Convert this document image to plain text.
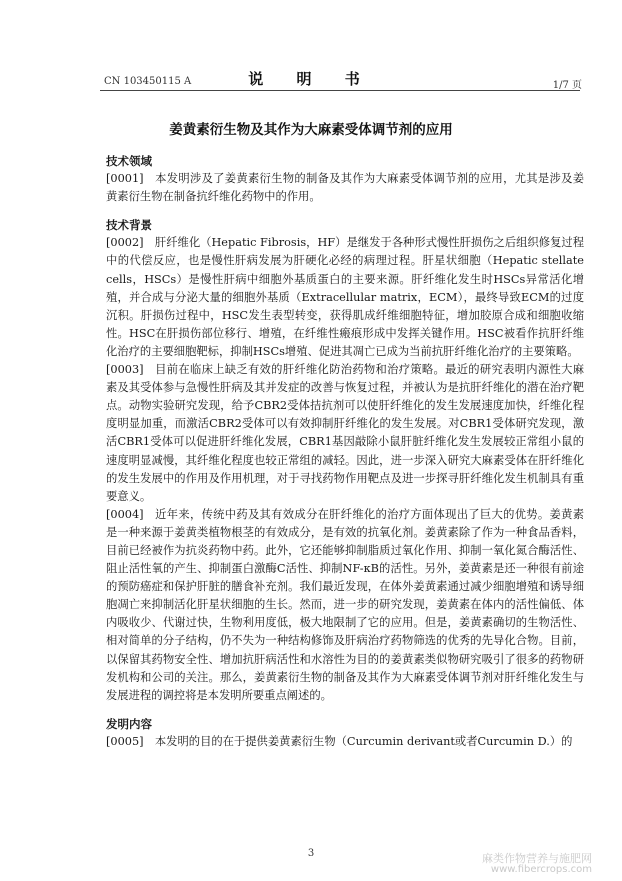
CN 103450115 A	说 明 书	1/7 页
姜黄素衍生物及其作为大麻素受体调节剂的应用
技术领域

[0001]  本发明涉及了姜黄素衍生物的制备及其作为大麻素受体调节剂的应用，尤其是涉及姜黄素衍生物在制备抗纤维化药物中的作用。

技术背景

[0002]  肝纤维化（Hepatic Fibrosis，HF）是继发于各种形式慢性肝损伤之后组织修复过程中的代偿反应，也是慢性肝病发展为肝硬化必经的病理过程。肝星状细胞（Hepatic stellate cells，HSCs）是慢性肝病中细胞外基质蛋白的主要来源。肝纤维化发生时HSCs异常活化增殖，并合成与分泌大量的细胞外基质（Extracellular matrix，ECM），最终导致ECM的过度沉积。肝损伤过程中，HSC发生表型转变，获得肌成纤维细胞特征，增加胶原合成和细胞收缩性。HSC在肝损伤部位移行、增殖，在纤维性瘢痕形成中发挥关键作用。HSC被看作抗肝纤维化治疗的主要细胞靶标，抑制HSCs增殖、促进其凋亡已成为当前抗肝纤维化治疗的主要策略。

[0003]  目前在临床上缺乏有效的肝纤维化防治药物和治疗策略。最近的研究表明内源性大麻素及其受体参与急慢性肝病及其并发症的改善与恢复过程，并被认为是抗肝纤维化的潜在治疗靶点。动物实验研究发现，给予CBR2受体拮抗剂可以使肝纤维化的发生发展速度加快，纤维化程度明显加重，而激活CBR2受体可以有效抑制肝纤维化的发生发展。对CBR1受体研究发现，激活CBR1受体可以促进肝纤维化发展，CBR1基因敲除小鼠肝脏纤维化发生发展较正常组小鼠的速度明显减慢，其纤维化程度也较正常组的减轻。因此，进一步深入研究大麻素受体在肝纤维化的发生发展中的作用及作用机理，对于寻找药物作用靶点及进一步探寻肝纤维化发生机制具有重要意义。

[0004]  近年来，传统中药及其有效成分在肝纤维化的治疗方面体现出了巨大的优势。姜黄素是一种来源于姜黄类植物根茎的有效成分，是有效的抗氧化剂。姜黄素除了作为一种食品香料，目前已经被作为抗炎药物中药。此外，它还能够抑制脂质过氧化作用、抑制一氧化氮合酶活性、阻止活性氧的产生、抑制蛋白激酶C活性、抑制NF-κB的活性。另外，姜黄素是还一种很有前途的预防癌症和保护肝脏的膳食补充剂。我们最近发现，在体外姜黄素通过减少细胞增殖和诱导细胞凋亡来抑制活化肝星状细胞的生长。然而，进一步的研究发现，姜黄素在体内的活性偏低、体内吸收少、代谢过快，生物利用度低，极大地限制了它的应用。但是，姜黄素确切的生物活性、相对简单的分子结构，仍不失为一种结构修饰及肝病治疗药物筛选的优秀的先导化合物。目前，以保留其药物安全性、增加抗肝病活性和水溶性为目的的姜黄素类似物研究吸引了很多的药物研发机构和公司的关注。那么，姜黄素衍生物的制备及其作为大麻素受体调节剂对肝纤维化发生与发展进程的调控将是本发明所要重点阐述的。

发明内容

[0005]  本发明的目的在于提供姜黄素衍生物（Curcumin derivant或者Curcumin D.）的

3	麻类作物营养与施肥网
www.fibercrops.com
